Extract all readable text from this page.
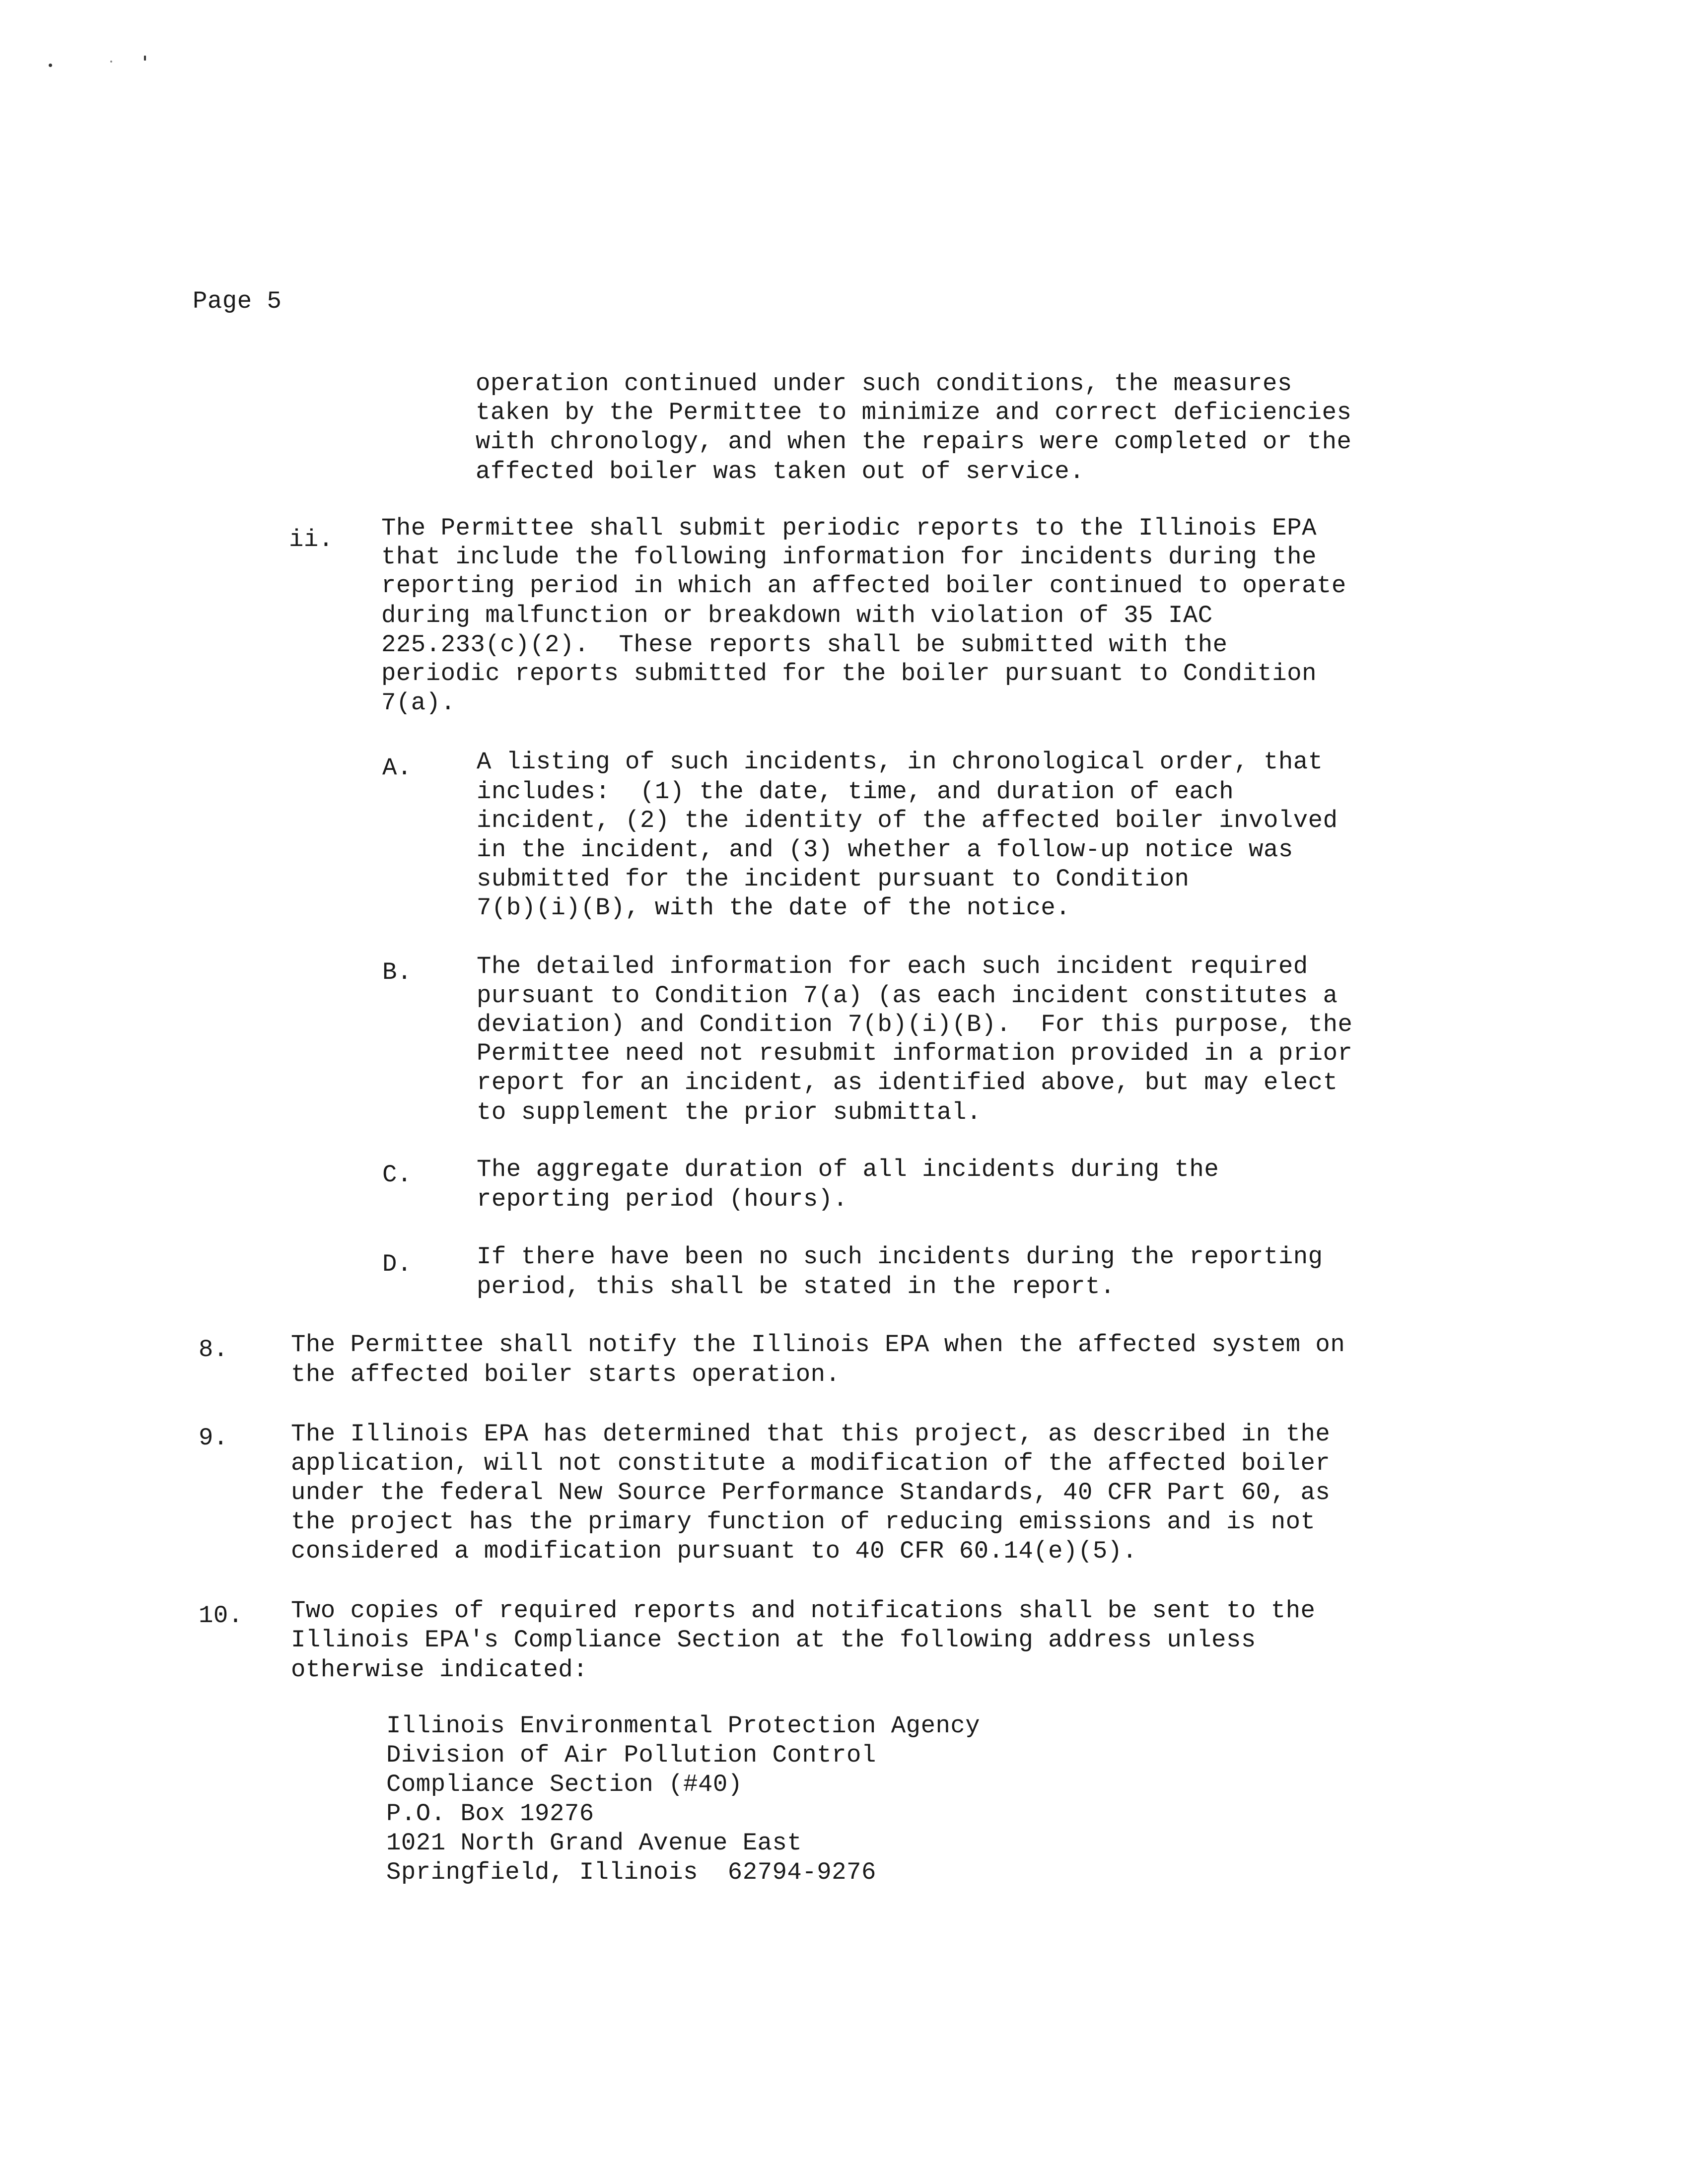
Page 5
operation continued under such conditions, the measures
taken by the Permittee to minimize and correct deficiencies
with chronology, and when the repairs were completed or the
affected boiler was taken out of service.
ii. The Permittee shall submit periodic reports to the Illinois EPA
that include the following information for incidents during the
reporting period in which an affected boiler continued to operate
during malfunction or breakdown with violation of 35 IAC
225.233(c)(2).  These reports shall be submitted with the
periodic reports submitted for the boiler pursuant to Condition
7(a).
A.	A listing of such incidents, in chronological order, that
includes:  (1) the date, time, and duration of each
incident, (2) the identity of the affected boiler involved
in the incident, and (3) whether a follow-up notice was
submitted for the incident pursuant to Condition
7(b)(i)(B), with the date of the notice.
B.	The detailed information for each such incident required
pursuant to Condition 7(a) (as each incident constitutes a
deviation) and Condition 7(b)(i)(B).  For this purpose, the
Permittee need not resubmit information provided in a prior
report for an incident, as identified above, but may elect
to supplement the prior submittal.
C.	The aggregate duration of all incidents during the
reporting period (hours).
D.	If there have been no such incidents during the reporting
period, this shall be stated in the report.
8.	The Permittee shall notify the Illinois EPA when the affected system on
the affected boiler starts operation.
9.	The Illinois EPA has determined that this project, as described in the
application, will not constitute a modification of the affected boiler
under the federal New Source Performance Standards, 40 CFR Part 60, as
the project has the primary function of reducing emissions and is not
considered a modification pursuant to 40 CFR 60.14(e)(5).
10. Two copies of required reports and notifications shall be sent to the
Illinois EPA's Compliance Section at the following address unless
otherwise indicated:
Illinois Environmental Protection Agency
Division of Air Pollution Control
Compliance Section (#40)
P.O. Box 19276
1021 North Grand Avenue East
Springfield, Illinois  62794-9276
